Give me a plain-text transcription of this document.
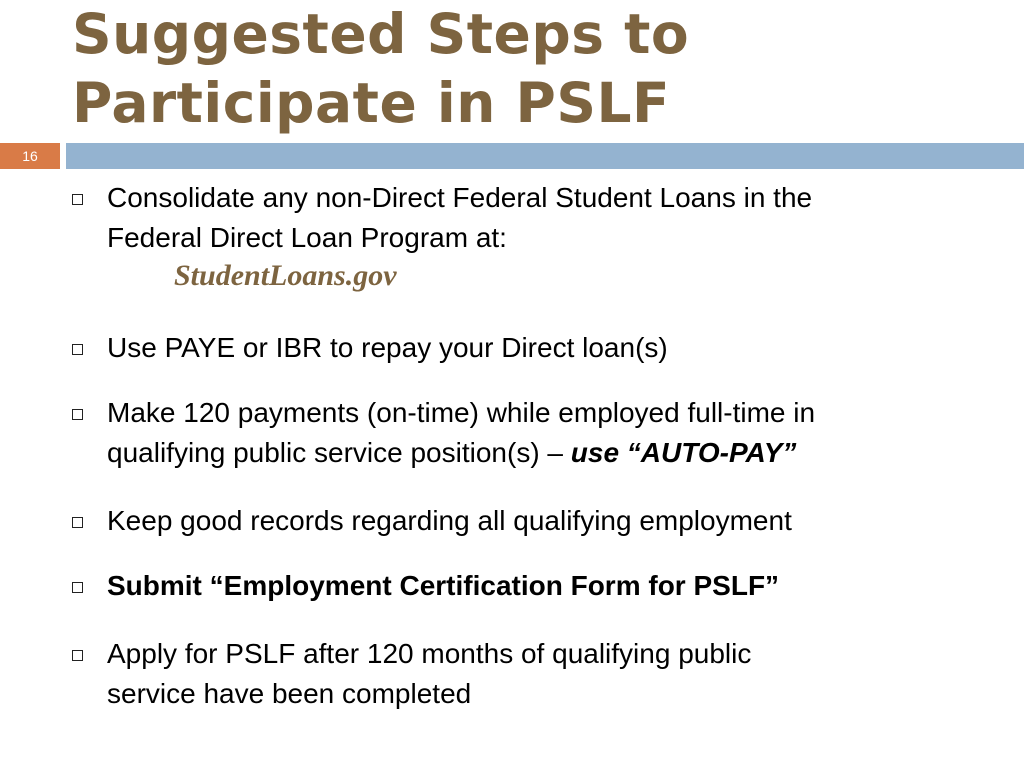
Suggested Steps to
Participate in PSLF
16
Consolidate any non-Direct Federal Student Loans in the
Federal Direct Loan Program at:
StudentLoans.gov
Use PAYE or IBR to repay your Direct loan(s)
Make 120 payments (on-time) while employed full-time in
qualifying public service position(s) – use “AUTO-PAY”
Keep good records regarding all qualifying employment
Submit “Employment Certification Form for PSLF”
Apply for PSLF after 120 months of qualifying public
service have been completed
